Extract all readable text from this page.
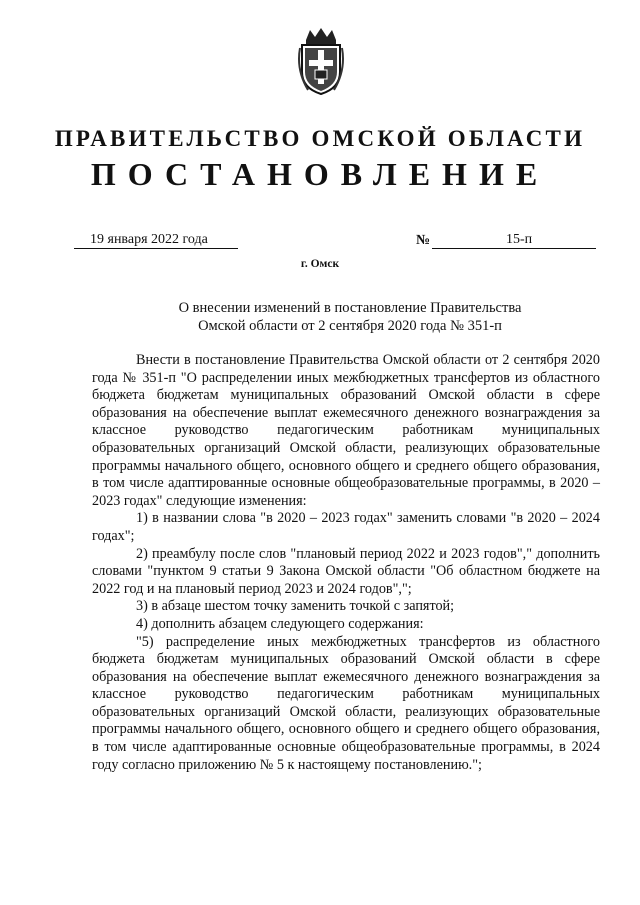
ПРАВИТЕЛЬСТВО ОМСКОЙ ОБЛАСТИ
ПОСТАНОВЛЕНИЕ
19 января 2022 года	№	15-п
г. Омск
О внесении изменений в постановление Правительства
Омской области от 2 сентября 2020 года № 351-п

Внести в постановление Правительства Омской области от 2 сентября 2020 года № 351-п "О распределении иных межбюджетных трансфертов из областного бюджета бюджетам муниципальных образований Омской области в сфере образования на обеспечение выплат ежемесячного денежного вознаграждения за классное руководство педагогическим работникам муниципальных образовательных организаций Омской области, реализующих образовательные программы начального общего, основного общего и среднего общего образования, в том числе адаптированные основные общеобразовательные программы, в 2020 – 2023 годах" следующие изменения:

1) в названии слова "в 2020 – 2023 годах" заменить словами "в 2020 – 2024 годах";

2) преамбулу после слов "плановый период 2022 и 2023 годов"," дополнить словами "пунктом 9 статьи 9 Закона Омской области "Об областном бюджете на 2022 год и на плановый период 2023 и 2024 годов",";

3) в абзаце шестом точку заменить точкой с запятой;

4) дополнить абзацем следующего содержания:

"5) распределение иных межбюджетных трансфертов из областного бюджета бюджетам муниципальных образований Омской области в сфере образования на обеспечение выплат ежемесячного денежного вознаграждения за классное руководство педагогическим работникам муниципальных образовательных организаций Омской области, реализующих образовательные программы начального общего, основного общего и среднего общего образования, в том числе адаптированные основные общеобразовательные программы, в 2024 году согласно приложению № 5 к настоящему постановлению.";
